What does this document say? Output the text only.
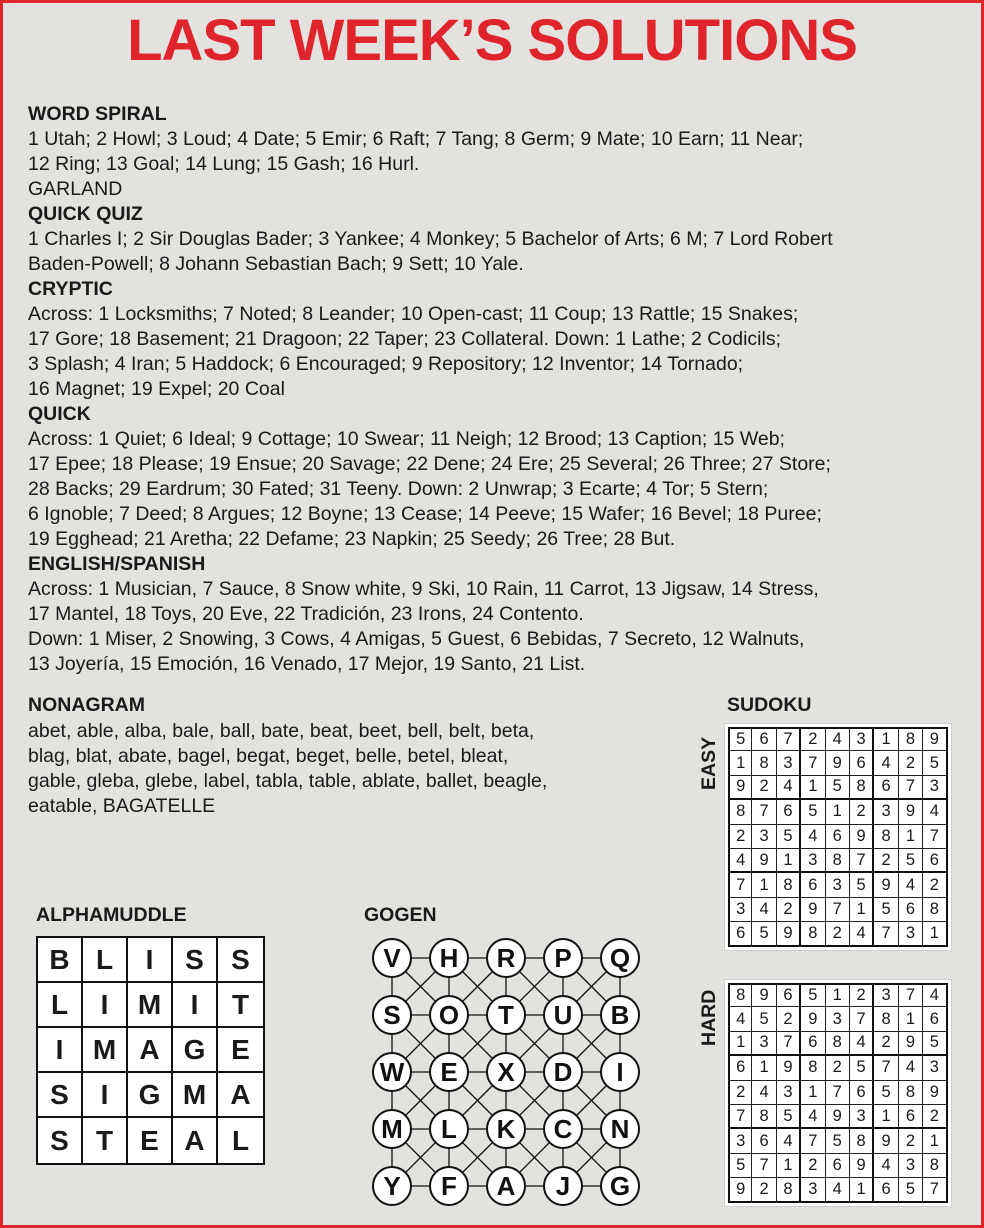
LAST WEEK’S SOLUTIONS
WORD SPIRAL
1 Utah; 2 Howl; 3 Loud; 4 Date; 5 Emir; 6 Raft; 7 Tang; 8 Germ; 9 Mate; 10 Earn; 11 Near;
12 Ring; 13 Goal; 14 Lung; 15 Gash; 16 Hurl.
GARLAND
QUICK QUIZ
1 Charles I; 2 Sir Douglas Bader; 3 Yankee; 4 Monkey; 5 Bachelor of Arts; 6 M; 7 Lord Robert
Baden-Powell; 8 Johann Sebastian Bach; 9 Sett; 10 Yale.
CRYPTIC
Across: 1 Locksmiths; 7 Noted; 8 Leander; 10 Open-cast; 11 Coup; 13 Rattle; 15 Snakes;
17 Gore; 18 Basement; 21 Dragoon; 22 Taper; 23 Collateral. Down: 1 Lathe; 2 Codicils;
3 Splash; 4 Iran; 5 Haddock; 6 Encouraged; 9 Repository; 12 Inventor; 14 Tornado;
16 Magnet; 19 Expel; 20 Coal
QUICK
Across: 1 Quiet; 6 Ideal; 9 Cottage; 10 Swear; 11 Neigh; 12 Brood; 13 Caption; 15 Web;
17 Epee; 18 Please; 19 Ensue; 20 Savage; 22 Dene; 24 Ere; 25 Several; 26 Three; 27 Store;
28 Backs; 29 Eardrum; 30 Fated; 31 Teeny. Down: 2 Unwrap; 3 Ecarte; 4 Tor; 5 Stern;
6 Ignoble; 7 Deed; 8 Argues; 12 Boyne; 13 Cease; 14 Peeve; 15 Wafer; 16 Bevel; 18 Puree;
19 Egghead; 21 Aretha; 22 Defame; 23 Napkin; 25 Seedy; 26 Tree; 28 But.
ENGLISH/SPANISH
Across: 1 Musician, 7 Sauce, 8 Snow white, 9 Ski, 10 Rain, 11 Carrot, 13 Jigsaw, 14 Stress,
17 Mantel, 18 Toys, 20 Eve, 22 Tradición, 23 Irons, 24 Contento.
Down: 1 Miser, 2 Snowing, 3 Cows, 4 Amigas, 5 Guest, 6 Bebidas, 7 Secreto, 12 Walnuts,
13 Joyería, 15 Emoción, 16 Venado, 17 Mejor, 19 Santo, 21 List.
NONAGRAM
abet, able, alba, bale, ball, bate, beat, beet, bell, belt, beta,
blag, blat, abate, bagel, begat, beget, belle, betel, bleat,
gable, gleba, glebe, label, tabla, table, ablate, ballet, beagle,
eatable, BAGATELLE
SUDOKU
EASY 5 6 7 2 4 3 1 8 9
1 8 3 7 9 6 4 2 5
9 2 4 1 5 8 6 7 3
8 7 6 5 1 2 3 9 4
2 3 5 4 6 9 8 1 7
4 9 1 3 8 7 2 5 6
7 1 8 6 3 5 9 4 2
3 4 2 9 7 1 5 6 8
6 5 9 8 2 4 7 3 1
HARD 8 9 6 5 1 2 3 7 4
4 5 2 9 3 7 8 1 6
1 3 7 6 8 4 2 9 5
6 1 9 8 2 5 7 4 3
2 4 3 1 7 6 5 8 9
7 8 5 4 9 3 1 6 2
3 6 4 7 5 8 9 2 1
5 7 1 2 6 9 4 3 8
9 2 8 3 4 1 6 5 7
ALPHAMUDDLE
B L	I	S S
L	I	M	I	T
I	M A G E
S	I	G M A
S T E A L
GOGEN
V H R P Q
S O T U B
W E X D I
M L K C N
Y F A J G
